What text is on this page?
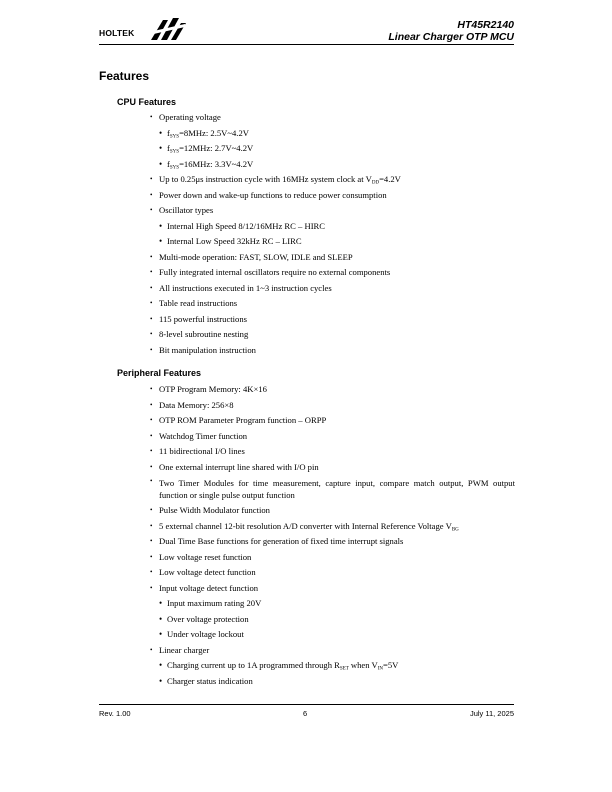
HOLTEK
HT45R2140
Linear Charger OTP MCU
Features
CPU Features
• Operating voltage
• $f_{SYS}=8MHz$: 2.5V~4.2V
• $f_{SYS}=12MHz$: 2.7V~4.2V
• $f_{SYS}=16MHz$: 3.3V~4.2V
• Up to 0.25μs instruction cycle with 16MHz system clock at $V_{DD}=4.2V$
• Power down and wake-up functions to reduce power consumption
• Oscillator types
• Internal High Speed 8/12/16MHz RC – HIRC
• Internal Low Speed 32kHz RC – LIRC
• Multi-mode operation: FAST, SLOW, IDLE and SLEEP
• Fully integrated internal oscillators require no external components
• All instructions executed in 1~3 instruction cycles
• Table read instructions
• 115 powerful instructions
• 8-level subroutine nesting
• Bit manipulation instruction
Peripheral Features
• OTP Program Memory: 4K×16
• Data Memory: 256×8
• OTP ROM Parameter Program function – ORPP
• Watchdog Timer function
• 11 bidirectional I/O lines
• One external interrupt line shared with I/O pin
• Two Timer Modules for time measurement, capture input, compare match output, PWM output function or single pulse output function
• Pulse Width Modulator function
• 5 external channel 12-bit resolution A/D converter with Internal Reference Voltage $V_{BG}$
• Dual Time Base functions for generation of fixed time interrupt signals
• Low voltage reset function
• Low voltage detect function
• Input voltage detect function
• Input maximum rating 20V
• Over voltage protection
• Under voltage lockout
• Linear charger
• Charging current up to 1A programmed through $R_{SET}$ when $V_{IN}=5V$
• Charger status indication
Rev. 1.00	6	July 11, 2025
